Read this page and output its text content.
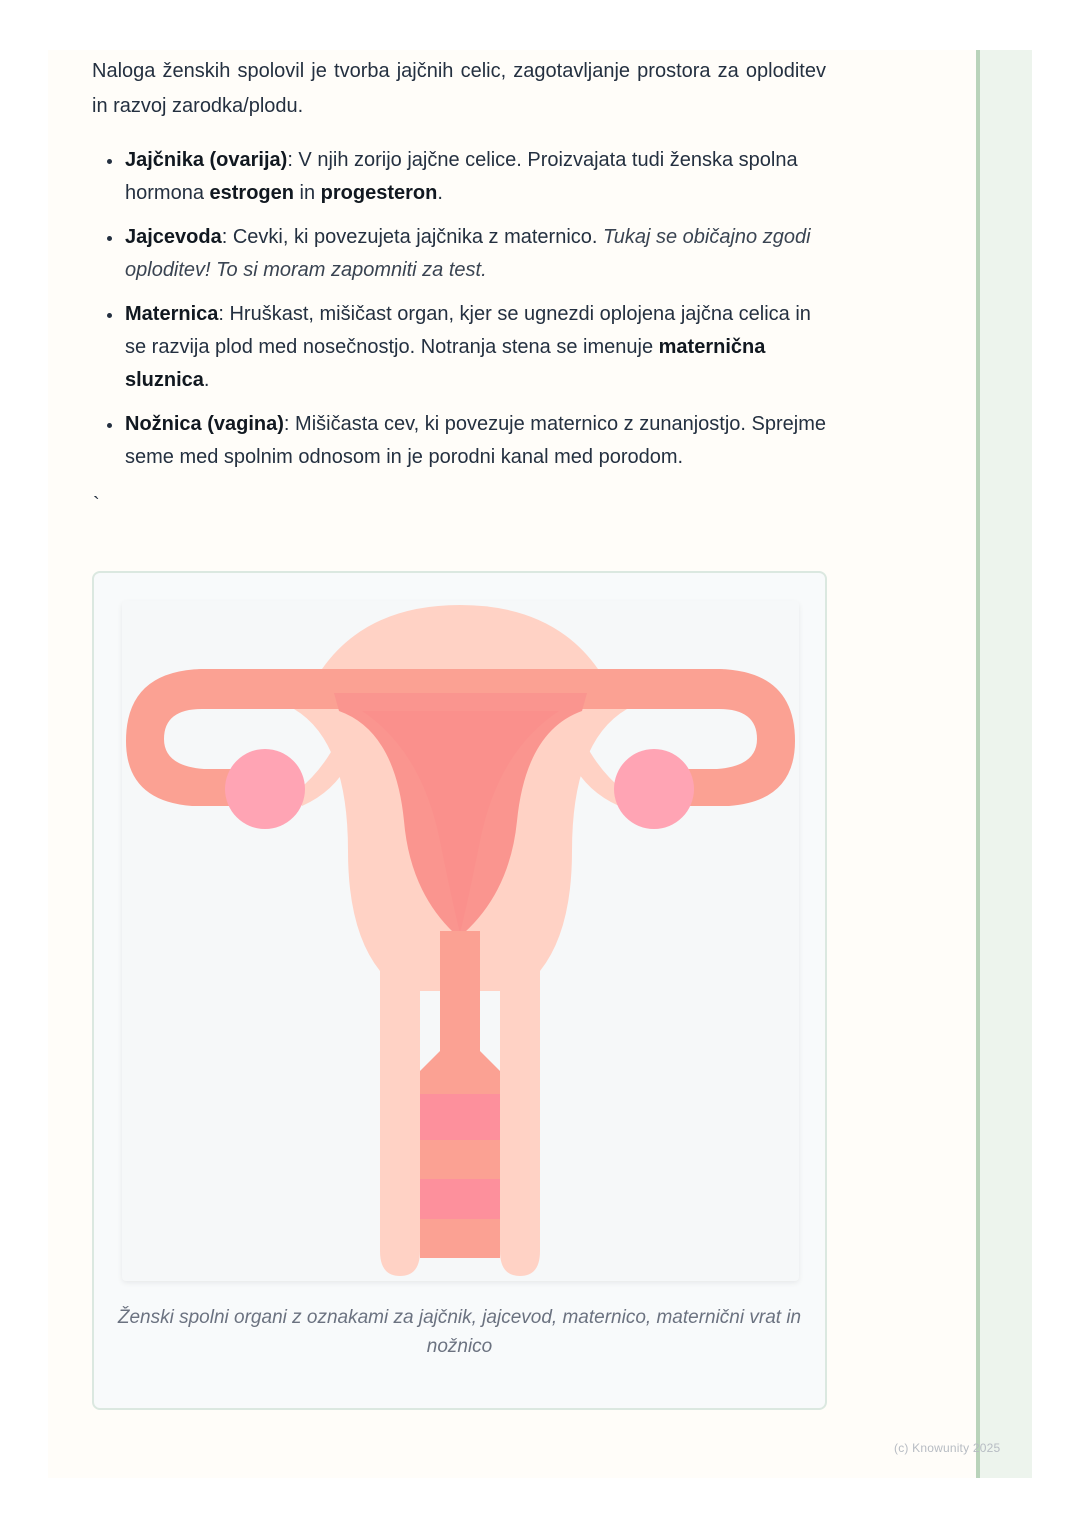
Naloga ženskih spolovil je tvorba jajčnih celic, zagotavljanje prostora za oploditev in razvoj zarodka/plodu.

• Jajčnika (ovarija): V njih zorijo jajčne celice. Proizvajata tudi ženska spolna hormona estrogen in progesteron.
• Jajcevoda: Cevki, ki povezujeta jajčnika z maternico. Tukaj se običajno zgodi oploditev! To si moram zapomniti za test.
• Maternica: Hruškast, mišičast organ, kjer se ugnezdi oplojena jajčna celica in se razvija plod med nosečnostjo. Notranja stena se imenuje maternična sluznica.
• Nožnica (vagina): Mišičasta cev, ki povezuje maternico z zunanjostjo. Sprejme seme med spolnim odnosom in je porodni kanal med porodom.
`
Ženski spolni organi z oznakami za jajčnik, jajcevod, maternico, maternični vrat in nožnico
(c) Knowunity 2025
